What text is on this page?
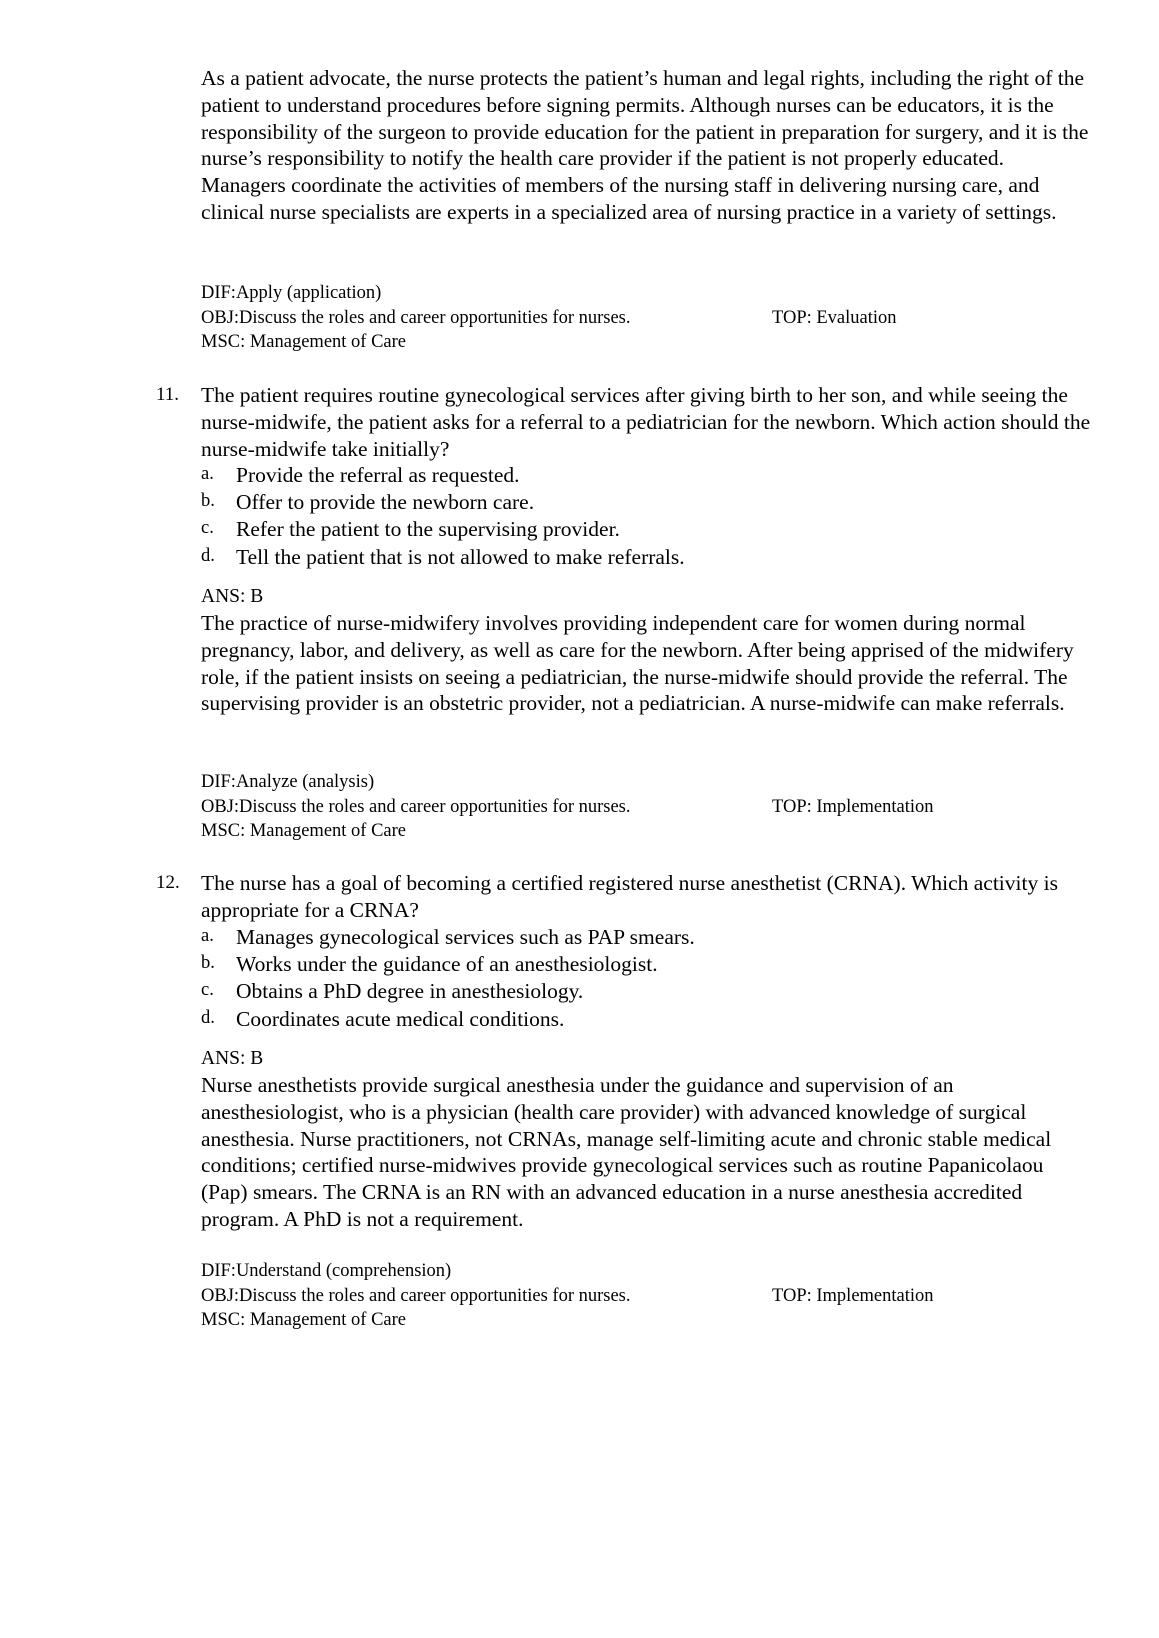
As a patient advocate, the nurse protects the patient’s human and legal rights, including the right of the patient to understand procedures before signing permits. Although nurses can be educators, it is the responsibility of the surgeon to provide education for the patient in preparation for surgery, and it is the nurse’s responsibility to notify the health care provider if the patient is not properly educated. Managers coordinate the activities of members of the nursing staff in delivering nursing care, and clinical nurse specialists are experts in a specialized area of nursing practice in a variety of settings.

DIF:Apply (application)
OBJ:Discuss the roles and career opportunities for nurses.	TOP: Evaluation
MSC: Management of Care
11. The patient requires routine gynecological services after giving birth to her son, and while seeing the nurse-midwife, the patient asks for a referral to a pediatrician for the newborn. Which action should the nurse-midwife take initially?

a. Provide the referral as requested.
b. Offer to provide the newborn care.
c. Refer the patient to the supervising provider.
d. Tell the patient that is not allowed to make referrals.
ANS: B

The practice of nurse-midwifery involves providing independent care for women during normal pregnancy, labor, and delivery, as well as care for the newborn. After being apprised of the midwifery role, if the patient insists on seeing a pediatrician, the nurse-midwife should provide the referral. The supervising provider is an obstetric provider, not a pediatrician. A nurse-midwife can make referrals.

DIF:Analyze (analysis)
OBJ:Discuss the roles and career opportunities for nurses.	TOP: Implementation
MSC: Management of Care
12. The nurse has a goal of becoming a certified registered nurse anesthetist (CRNA). Which activity is appropriate for a CRNA?

a. Manages gynecological services such as PAP smears.
b. Works under the guidance of an anesthesiologist.
c. Obtains a PhD degree in anesthesiology.
d. Coordinates acute medical conditions.
ANS: B

Nurse anesthetists provide surgical anesthesia under the guidance and supervision of an anesthesiologist, who is a physician (health care provider) with advanced knowledge of surgical anesthesia. Nurse practitioners, not CRNAs, manage self-limiting acute and chronic stable medical conditions; certified nurse-midwives provide gynecological services such as routine Papanicolaou (Pap) smears. The CRNA is an RN with an advanced education in a nurse anesthesia accredited program. A PhD is not a requirement.

DIF:Understand (comprehension)
OBJ:Discuss the roles and career opportunities for nurses.	TOP: Implementation
MSC: Management of Care
